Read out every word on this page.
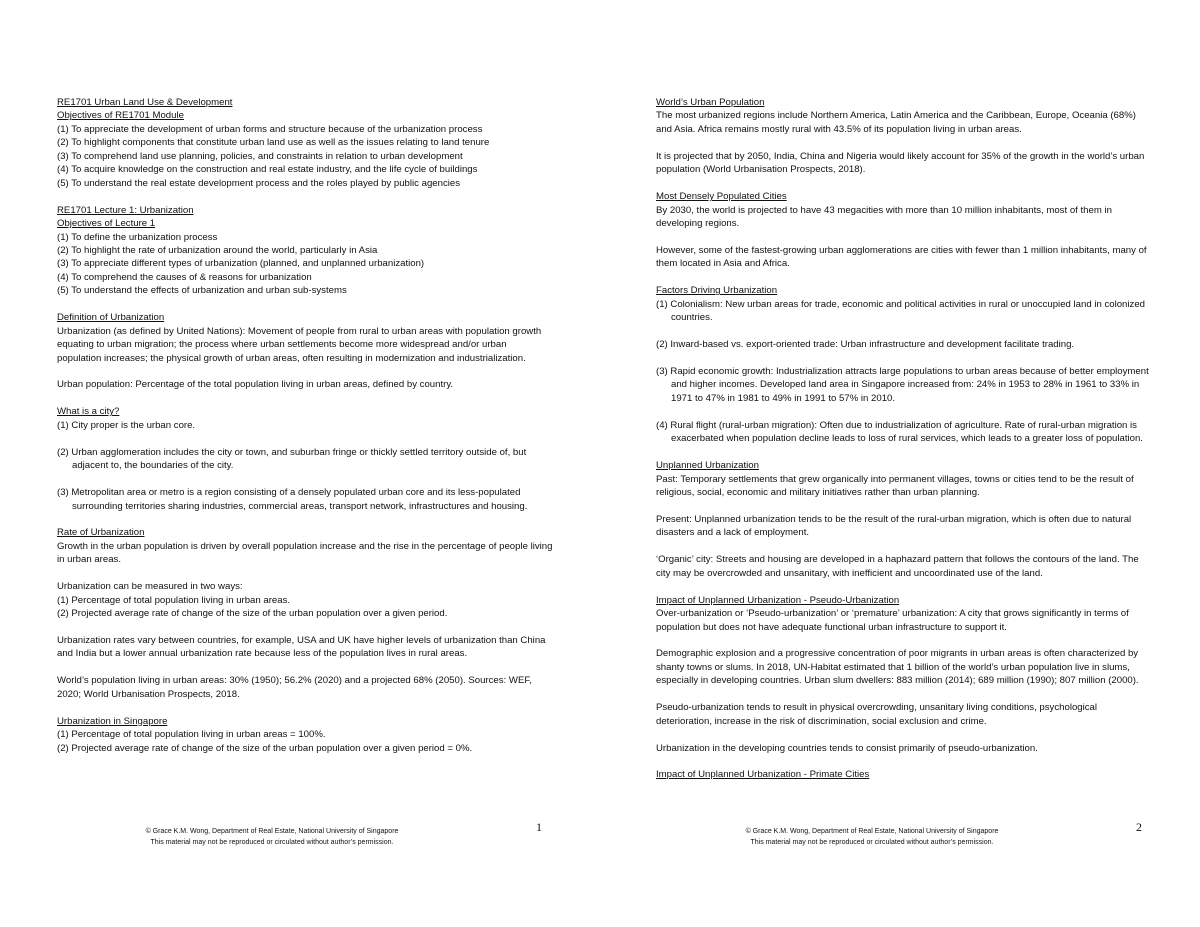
RE1701 Urban Land Use & Development

Objectives of RE1701 Module

(1) To appreciate the development of urban forms and structure because of the urbanization process

(2) To highlight components that constitute urban land use as well as the issues relating to land tenure

(3) To comprehend land use planning, policies, and constraints in relation to urban development

(4) To acquire knowledge on the construction and real estate industry, and the life cycle of buildings

(5) To understand the real estate development process and the roles played by public agencies

RE1701 Lecture 1: Urbanization

Objectives of Lecture 1

(1) To define the urbanization process

(2) To highlight the rate of urbanization around the world, particularly in Asia

(3) To appreciate different types of urbanization (planned, and unplanned urbanization)

(4) To comprehend the causes of & reasons for urbanization

(5) To understand the effects of urbanization and urban sub-systems

Definition of Urbanization

Urbanization (as defined by United Nations): Movement of people from rural to urban areas with population growth equating to urban migration; the process where urban settlements become more widespread and/or urban population increases; the physical growth of urban areas, often resulting in modernization and industrialization.

Urban population: Percentage of the total population living in urban areas, defined by country.

What is a city?

(1) City proper is the urban core.

(2) Urban agglomeration includes the city or town, and suburban fringe or thickly settled territory outside of, but adjacent to, the boundaries of the city.

(3) Metropolitan area or metro is a region consisting of a densely populated urban core and its less-populated surrounding territories sharing industries, commercial areas, transport network, infrastructures and housing.

Rate of Urbanization

Growth in the urban population is driven by overall population increase and the rise in the percentage of people living in urban areas.

Urbanization can be measured in two ways:

(1) Percentage of total population living in urban areas.

(2) Projected average rate of change of the size of the urban population over a given period.

Urbanization rates vary between countries, for example, USA and UK have higher levels of urbanization than China and India but a lower annual urbanization rate because less of the population lives in rural areas.

World’s population living in urban areas: 30% (1950); 56.2% (2020) and a projected 68% (2050). Sources: WEF, 2020; World Urbanisation Prospects, 2018.

Urbanization in Singapore

(1) Percentage of total population living in urban areas = 100%.

(2) Projected average rate of change of the size of the urban population over a given period = 0%.

© Grace K.M. Wong, Department of Real Estate, National University of Singapore
This material may not be reproduced or circulated without author’s permission.
1

World’s Urban Population

The most urbanized regions include Northern America, Latin America and the Caribbean, Europe, Oceania (68%) and Asia. Africa remains mostly rural with 43.5% of its population living in urban areas.

It is projected that by 2050, India, China and Nigeria would likely account for 35% of the growth in the world’s urban population (World Urbanisation Prospects, 2018).

Most Densely Populated Cities

By 2030, the world is projected to have 43 megacities with more than 10 million inhabitants, most of them in developing regions.

However, some of the fastest-growing urban agglomerations are cities with fewer than 1 million inhabitants, many of them located in Asia and Africa.

Factors Driving Urbanization

(1) Colonialism: New urban areas for trade, economic and political activities in rural or unoccupied land in colonized countries.

(2) Inward-based vs. export-oriented trade: Urban infrastructure and development facilitate trading.

(3) Rapid economic growth: Industrialization attracts large populations to urban areas because of better employment and higher incomes. Developed land area in Singapore increased from: 24% in 1953 to 28% in 1961 to 33% in 1971 to 47% in 1981 to 49% in 1991 to 57% in 2010.

(4) Rural flight (rural-urban migration): Often due to industrialization of agriculture. Rate of rural-urban migration is exacerbated when population decline leads to loss of rural services, which leads to a greater loss of population.

Unplanned Urbanization

Past: Temporary settlements that grew organically into permanent villages, towns or cities tend to be the result of religious, social, economic and military initiatives rather than urban planning.

Present: Unplanned urbanization tends to be the result of the rural-urban migration, which is often due to natural disasters and a lack of employment.

‘Organic’ city: Streets and housing are developed in a haphazard pattern that follows the contours of the land. The city may be overcrowded and unsanitary, with inefficient and uncoordinated use of the land.

Impact of Unplanned Urbanization - Pseudo-Urbanization

Over-urbanization or ‘Pseudo-urbanization’ or ‘premature’ urbanization: A city that grows significantly in terms of population but does not have adequate functional urban infrastructure to support it.

Demographic explosion and a progressive concentration of poor migrants in urban areas is often characterized by shanty towns or slums. In 2018, UN-Habitat estimated that 1 billion of the world’s urban population live in slums, especially in developing countries. Urban slum dwellers: 883 million (2014); 689 million (1990); 807 million (2000).

Pseudo-urbanization tends to result in physical overcrowding, unsanitary living conditions, psychological deterioration, increase in the risk of discrimination, social exclusion and crime.

Urbanization in the developing countries tends to consist primarily of pseudo-urbanization.

Impact of Unplanned Urbanization - Primate Cities

© Grace K.M. Wong, Department of Real Estate, National University of Singapore
This material may not be reproduced or circulated without author’s permission.
2
